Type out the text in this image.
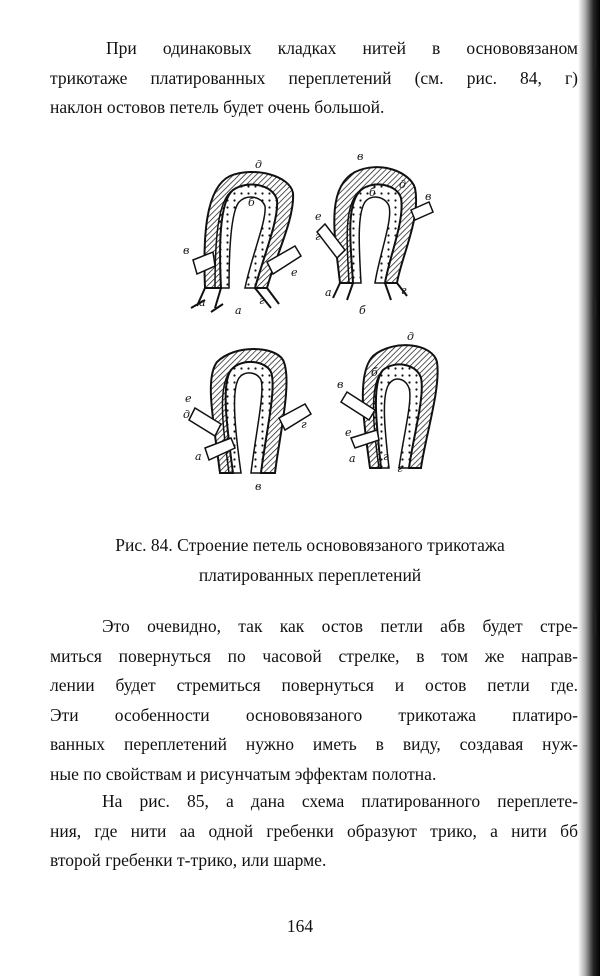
При одинаковых кладках нитей в основовязаном
трикотаже платированных переплетений (см. рис. 84, г)
наклон остовов петель будет очень большой.
д
б
в
а	г
е
а
в
б
д
е
г
в
а	г
б
е
д
а
в
г
д
б
в
а г
е
г
Рис. 84. Строение петель основовязаного трикотажа
платированных переплетений
Это очевидно, так как остов петли абв будет стре-
миться повернуться по часовой стрелке, в том же направ-
лении будет стремиться повернуться и остов петли где.
Эти особенности основовязаного трикотажа платиро-
ванных переплетений нужно иметь в виду, создавая нуж-
ные по свойствам и рисунчатым эффектам полотна.
На рис. 85, а дана схема платированного переплете-
ния, где нити аа одной гребенки образуют трико, а нити бб
второй гребенки т-трико, или шарме.
164
